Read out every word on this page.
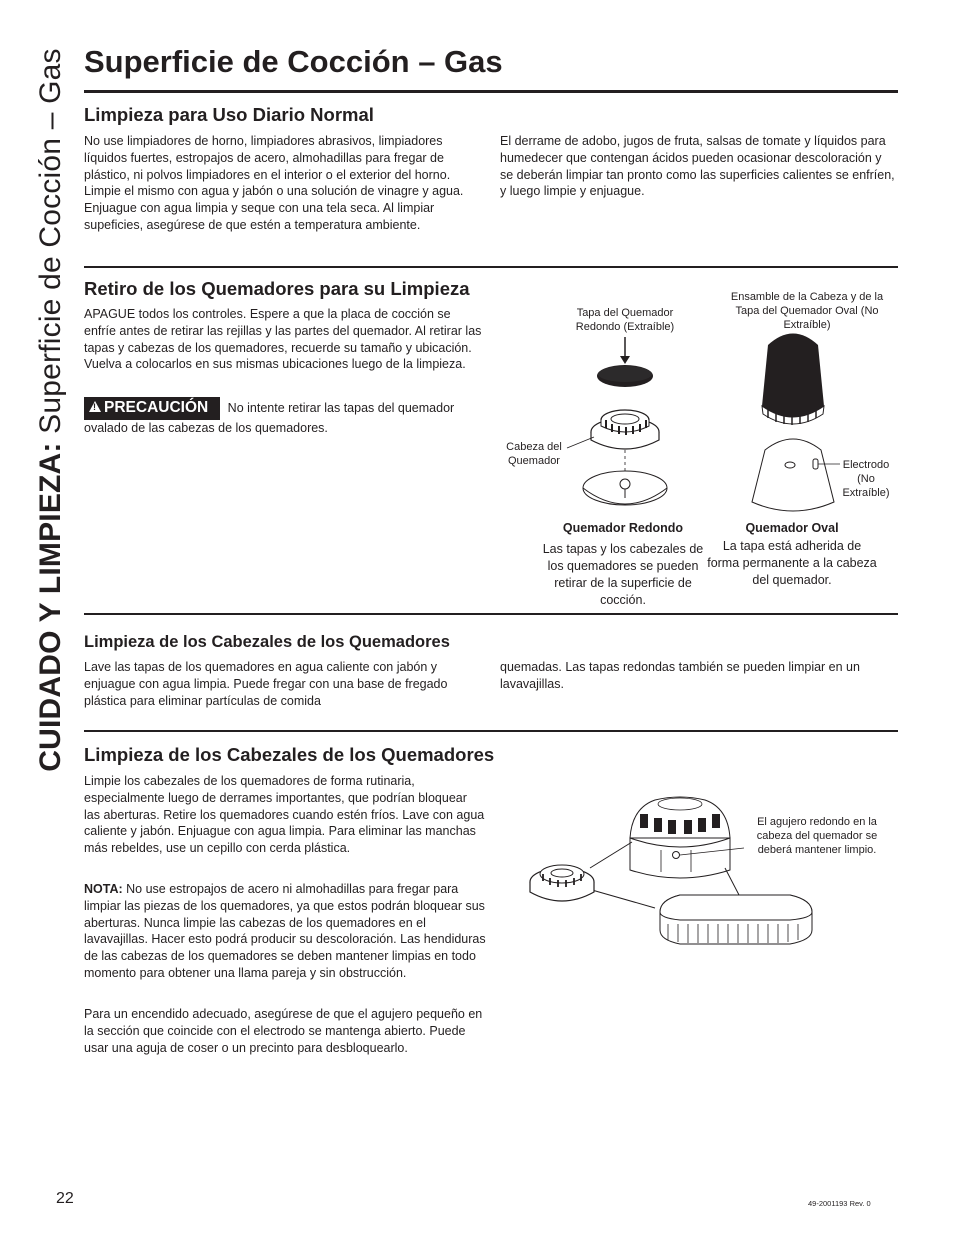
CUIDADO Y LIMPIEZA: Superficie de Cocción – Gas Superficie de Cocción – Gas
Limpieza para Uso Diario Normal

No use limpiadores de horno, limpiadores abrasivos, limpiadores líquidos fuertes, estropajos de acero, almohadillas para fregar de plástico, ni polvos limpiadores en el interior o el exterior del horno. Limpie el mismo con agua y jabón o una solución de vinagre y agua. Enjuague con agua limpia y seque con una tela seca. Al limpiar supeficies, asegúrese de que estén a temperatura ambiente.

El derrame de adobo, jugos de fruta, salsas de tomate y líquidos para humedecer que contengan ácidos pueden ocasionar descoloración y se deberán limpiar tan pronto como las superficies calientes se enfríen, y luego limpie y enjuague.

Retiro de los Quemadores para su Limpieza

APAGUE todos los controles. Espere a que la placa de cocción se enfríe antes de retirar las rejillas y las partes del quemador. Al retirar las tapas y cabezas de los quemadores, recuerde su tamaño y ubicación. Vuelva a colocarlos en sus mismas ubicaciones luego de la limpieza.

!PRECAUCIÓN No intente retirar las tapas del quemador ovalado de las cabezas de los quemadores.

Tapa del Quemador Redondo (Extraíble)
Ensamble de la Cabeza y de la Tapa del Quemador Oval (No Extraíble)
Cabeza del Quemador	Electrodo (No Extraíble)
Quemador Redondo
Las tapas y los cabezales de los quemadores se pueden retirar de la superficie de cocción.
Quemador Oval
La tapa está adherida de forma permanente a la cabeza del quemador.
Limpieza de los Cabezales de los Quemadores

Lave las tapas de los quemadores en agua caliente con jabón y enjuague con agua limpia. Puede fregar con una base de fregado plástica para eliminar partículas de comida

quemadas. Las tapas redondas también se pueden limpiar en un lavavajillas.

Limpieza de los Cabezales de los Quemadores

Limpie los cabezales de los quemadores de forma rutinaria, especialmente luego de derrames importantes, que podrían bloquear las aberturas. Retire los quemadores cuando estén fríos. Lave con agua caliente y jabón. Enjuague con agua limpia. Para eliminar las manchas más rebeldes, use un cepillo con cerda plástica.

NOTA: No use estropajos de acero ni almohadillas para fregar para limpiar las piezas de los quemadores, ya que estos podrán bloquear sus aberturas. Nunca limpie las cabezas de los quemadores en el lavavajillas. Hacer esto podrá producir su descoloración. Las hendiduras de las cabezas de los quemadores se deben mantener limpias en todo momento para obtener una llama pareja y sin obstrucción.

Para un encendido adecuado, asegúrese de que el agujero pequeño en la sección que coincide con el electrodo se mantenga abierto. Puede usar una aguja de coser o un precinto para desbloquearlo.

El agujero redondo en la cabeza del quemador se deberá mantener limpio.
22	49-2001193 Rev. 0
